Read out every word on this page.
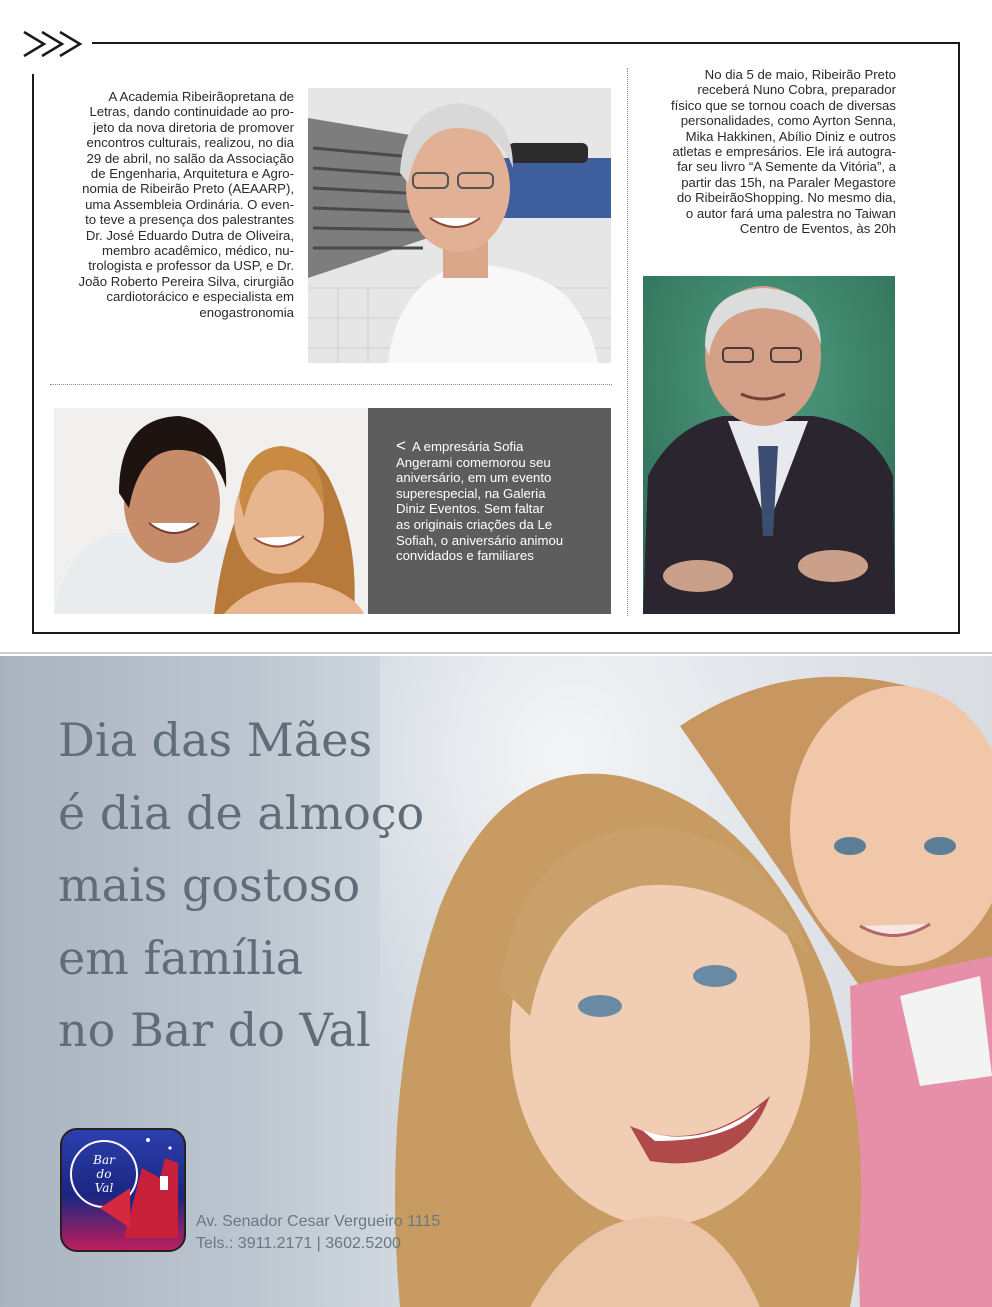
A Academia Ribeirãopretana de
Letras, dando continuidade ao pro-
jeto da nova diretoria de promover
encontros culturais, realizou, no dia
29 de abril, no salão da Associação
de Engenharia, Arquitetura e Agro-
nomia de Ribeirão Preto (AEAARP),
uma Assembleia Ordinária. O even-
to teve a presença dos palestrantes
Dr. José Eduardo Dutra de Oliveira,
membro acadêmico, médico, nu-
trologista e professor da USP, e Dr.
João Roberto Pereira Silva, cirurgião
cardiotorácico e especialista em
enogastronomia
< A empresária Sofia
Angerami comemorou seu
aniversário, em um evento
superespecial, na Galeria
Diniz Eventos. Sem faltar
as originais criações da Le
Sofiah, o aniversário animou
convidados e familiares
No dia 5 de maio, Ribeirão Preto
receberá Nuno Cobra, preparador
físico que se tornou coach de diversas
personalidades, como Ayrton Senna,
Mika Hakkinen, Abílio Diniz e outros
atletas e empresários. Ele irá autogra-
far seu livro “A Semente da Vitória”, a
partir das 15h, na Paraler Megastore
do RibeirãoShopping. No mesmo dia,
o autor fará uma palestra no Taiwan
Centro de Eventos, às 20h
Dia das Mães
é dia de almoço
mais gostoso
em família
no Bar do Val
Bar
do
Val
Av. Senador Cesar Vergueiro 1115
Tels.: 3911.2171 | 3602.5200
